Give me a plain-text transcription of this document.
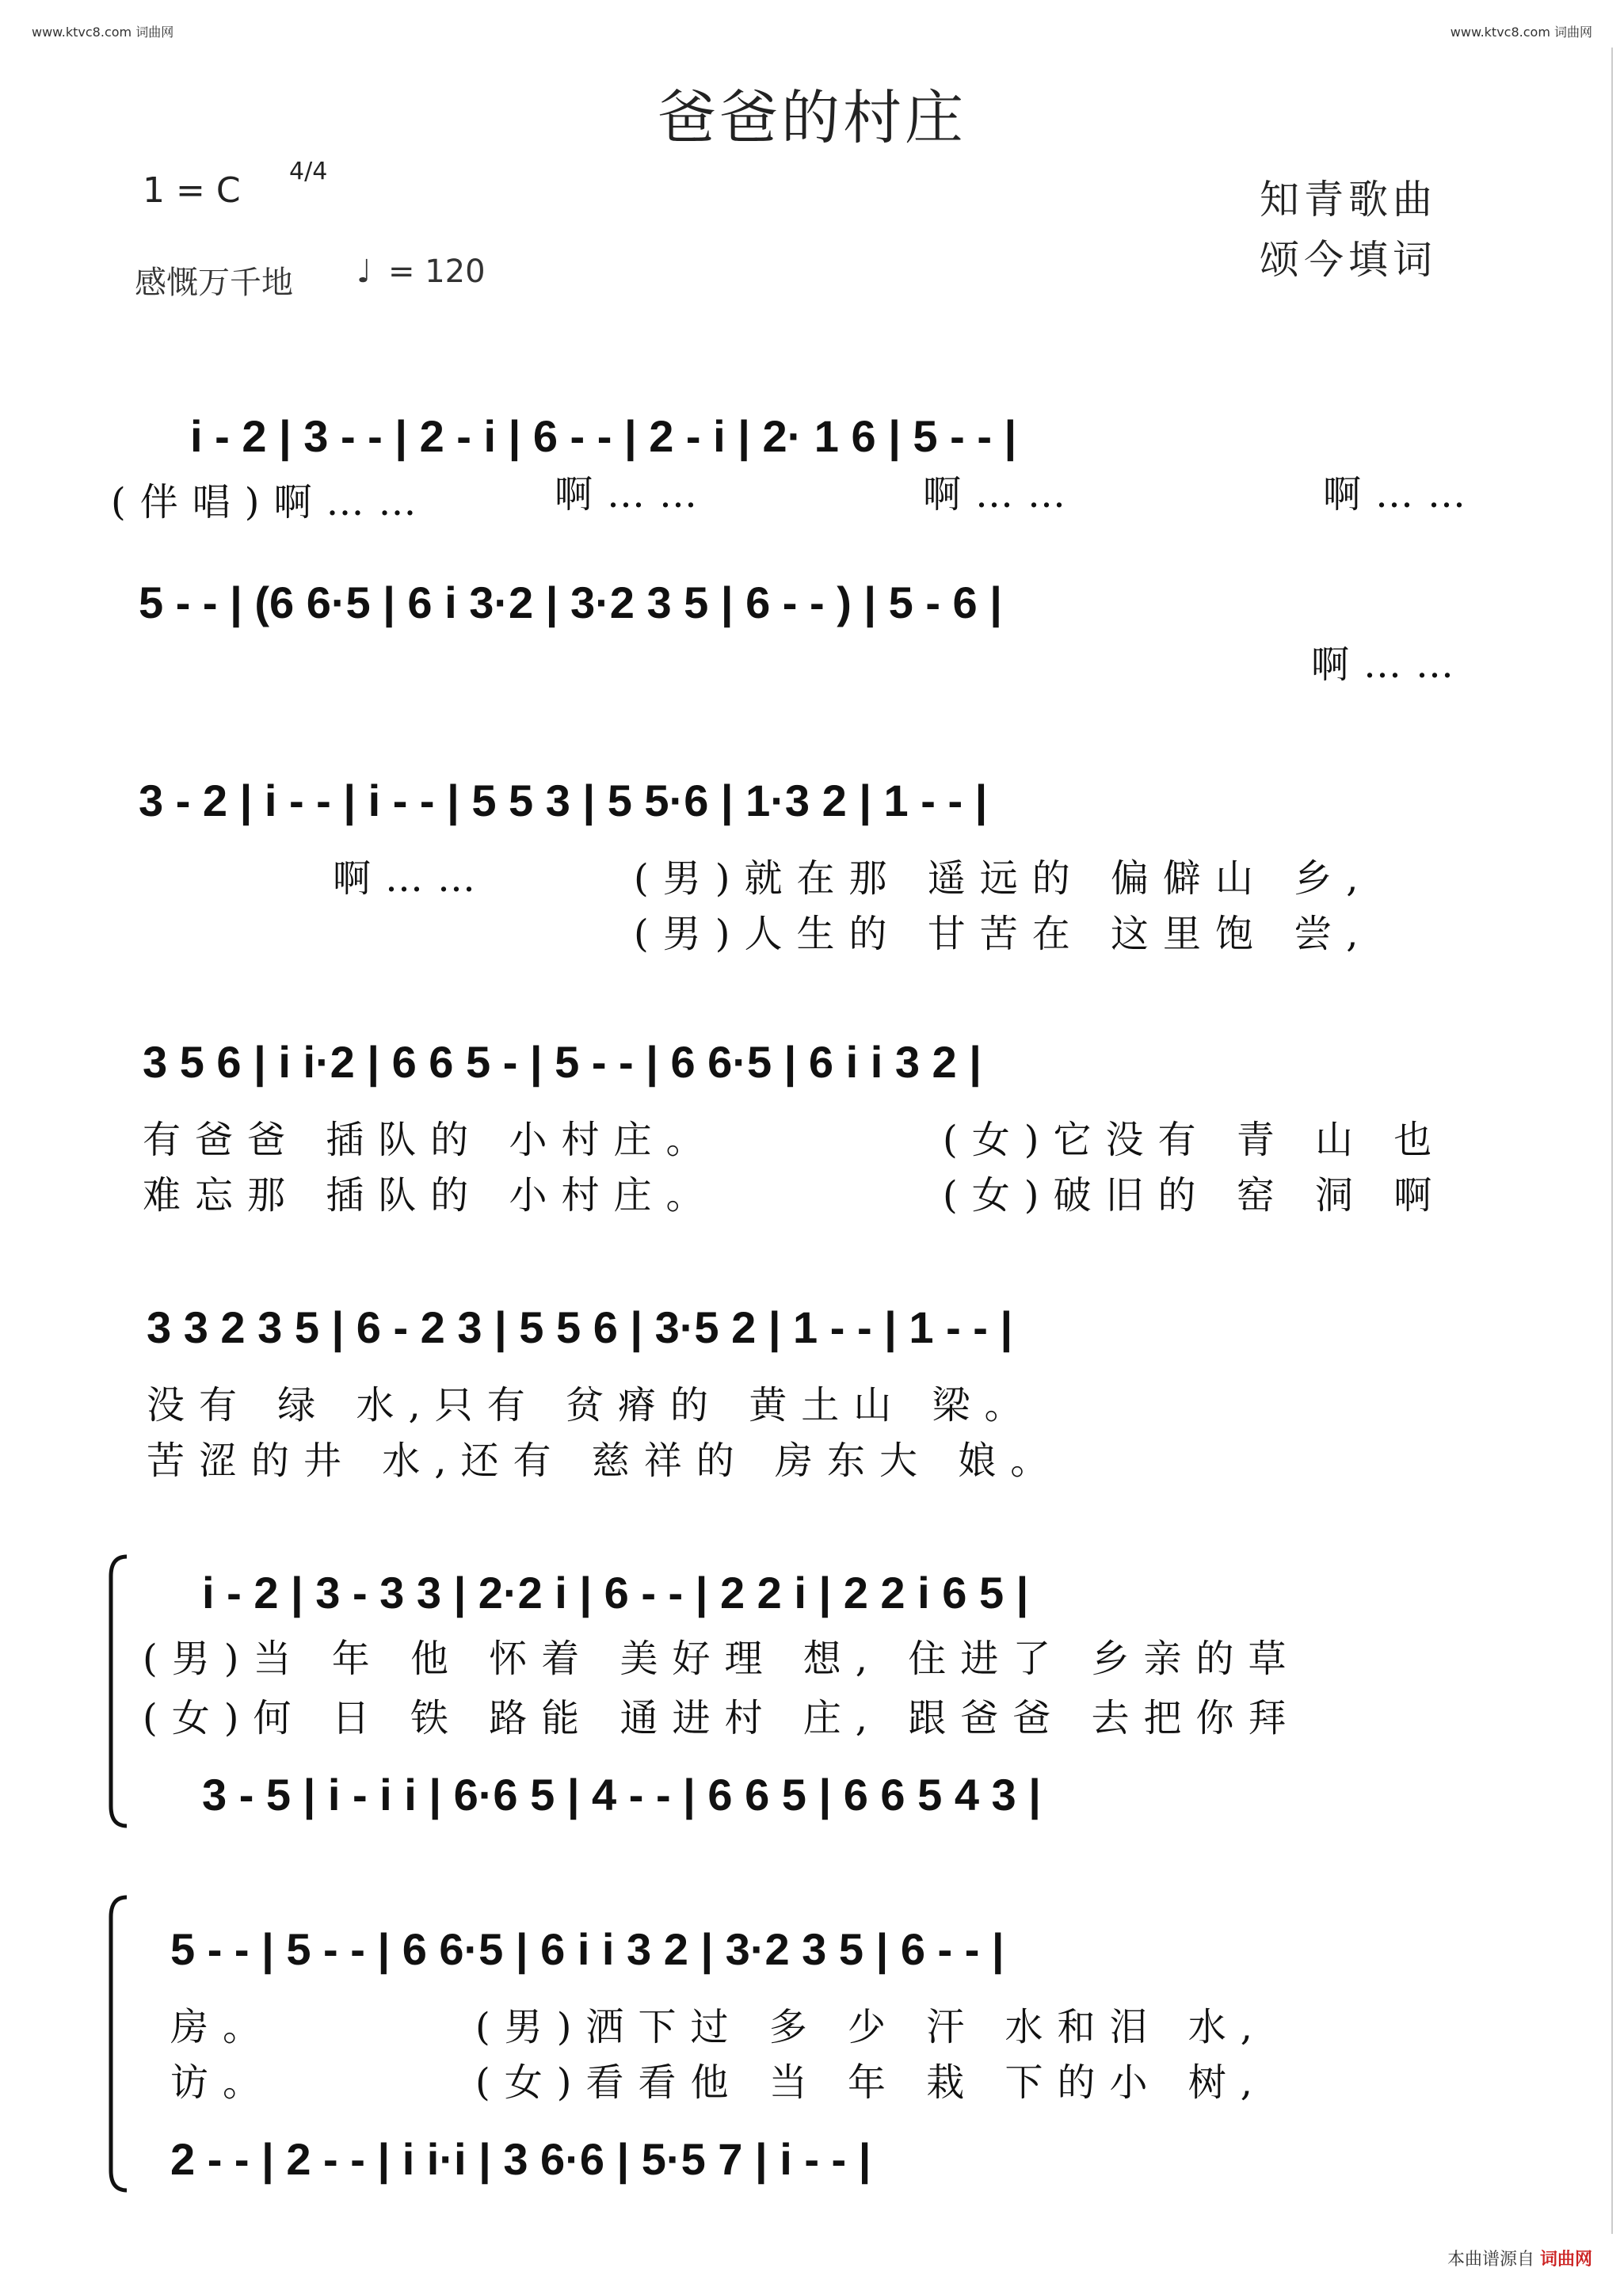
www.ktvc8.com 词曲网	www.ktvc8.com 词曲网
爸爸的村庄
1 = C 4/4
感慨万千地 ♩ = 120
知青歌曲
颂今填词
i - 2 | 3 - - | 2 - i | 6 - - | 2 - i | 2· 1 6 | 5 - - |
(伴唱)啊……	啊……	啊……	啊……
5 - - | (6 6·5 | 6 i 3·2 | 3·2 3 5 | 6 - - ) | 5 - 6 |
啊……
3 - 2 | i - - | i - - | 5 5 3 | 5 5·6 | 1·3 2 | 1 - - |
啊……	(男)就在那 遥远的 偏僻山 乡,
(男)人生的 甘苦在 这里饱 尝,
3 5 6 | i i·2 | 6 6 5 - | 5 - - | 6 6·5 | 6 i i 3 2 |
有爸爸 插队的 小村庄。	(女)它没有 青 山 也
难忘那 插队的 小村庄。	(女)破旧的 窑 洞 啊
3 3 2 3 5 | 6 - 2 3 | 5 5 6 | 3·5 2 | 1 - - | 1 - - |
没有 绿 水,只有 贫瘠的 黄土山 梁。
苦涩的井 水,还有 慈祥的 房东大 娘。
i - 2 | 3 - 3 3 | 2·2 i | 6 - - | 2 2 i | 2 2 i 6 5 |
(男)当 年 他 怀着 美好理 想, 住进了 乡亲的草
(女)何 日 铁 路能 通进村 庄, 跟爸爸 去把你拜
3 - 5 | i - i i | 6·6 5 | 4 - - | 6 6 5 | 6 6 5 4 3 |
5 - - | 5 - - | 6 6·5 | 6 i i 3 2 | 3·2 3 5 | 6 - - |
房。	(男)洒下过 多 少 汗 水和泪 水,
访。	(女)看看他 当 年 栽 下的小 树,
2 - - | 2 - - | i i·i | 3 6·6 | 5·5 7 | i - - |
本曲谱源自 词曲网
